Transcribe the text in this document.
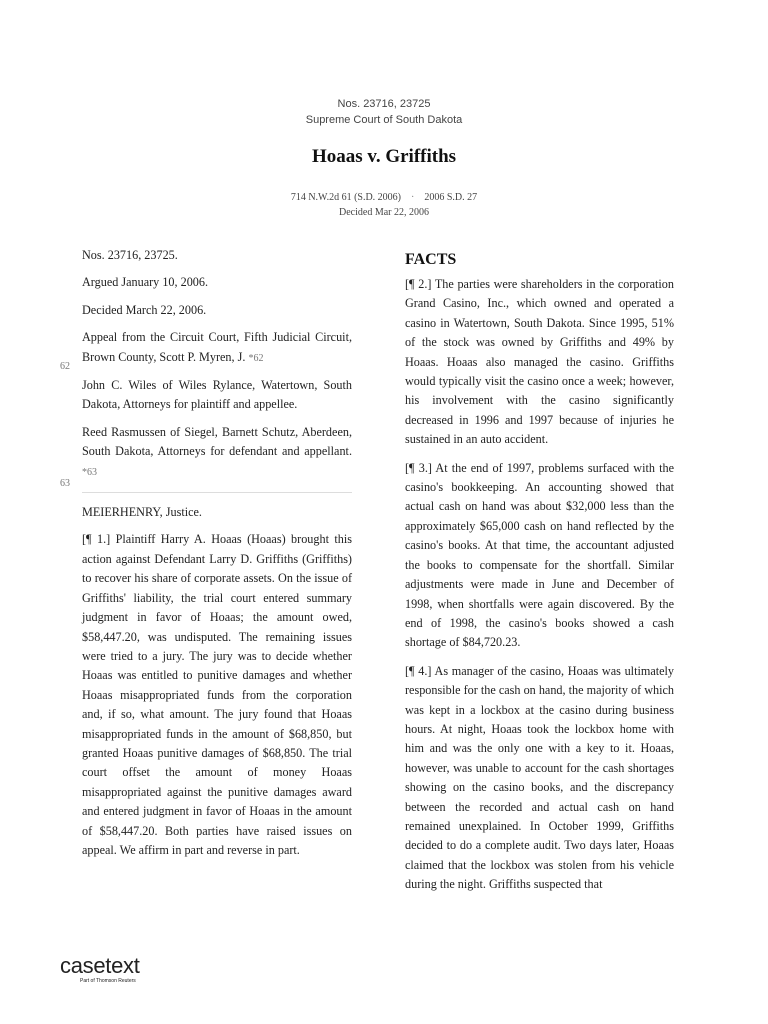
Nos. 23716, 23725
Supreme Court of South Dakota
Hoaas v. Griffiths
714 N.W.2d 61 (S.D. 2006) · 2006 S.D. 27
Decided Mar 22, 2006
62
63

Nos. 23716, 23725.

Argued January 10, 2006.

Decided March 22, 2006.

Appeal from the Circuit Court, Fifth Judicial Circuit, Brown County, Scott P. Myren, J. *62

John C. Wiles of Wiles Rylance, Watertown, South Dakota, Attorneys for plaintiff and appellee.

Reed Rasmussen of Siegel, Barnett Schutz, Aberdeen, South Dakota, Attorneys for defendant and appellant. *63

MEIERHENRY, Justice.

[¶ 1.] Plaintiff Harry A. Hoaas (Hoaas) brought this action against Defendant Larry D. Griffiths (Griffiths) to recover his share of corporate assets. On the issue of Griffiths' liability, the trial court entered summary judgment in favor of Hoaas; the amount owed, $58,447.20, was undisputed. The remaining issues were tried to a jury. The jury was to decide whether Hoaas was entitled to punitive damages and whether Hoaas misappropriated funds from the corporation and, if so, what amount. The jury found that Hoaas misappropriated funds in the amount of $68,850, but granted Hoaas punitive damages of $68,850. The trial court offset the amount of money Hoaas misappropriated against the punitive damages award and entered judgment in favor of Hoaas in the amount of $58,447.20. Both parties have raised issues on appeal. We affirm in part and reverse in part.

FACTS

[¶ 2.] The parties were shareholders in the corporation Grand Casino, Inc., which owned and operated a casino in Watertown, South Dakota. Since 1995, 51% of the stock was owned by Griffiths and 49% by Hoaas. Hoaas also managed the casino. Griffiths would typically visit the casino once a week; however, his involvement with the casino significantly decreased in 1996 and 1997 because of injuries he sustained in an auto accident.

[¶ 3.] At the end of 1997, problems surfaced with the casino's bookkeeping. An accounting showed that actual cash on hand was about $32,000 less than the approximately $65,000 cash on hand reflected by the casino's books. At that time, the accountant adjusted the books to compensate for the shortfall. Similar adjustments were made in June and December of 1998, when shortfalls were again discovered. By the end of 1998, the casino's books showed a cash shortage of $84,720.23.

[¶ 4.] As manager of the casino, Hoaas was ultimately responsible for the cash on hand, the majority of which was kept in a lockbox at the casino during business hours. At night, Hoaas took the lockbox home with him and was the only one with a key to it. Hoaas, however, was unable to account for the cash shortages showing on the casino books, and the discrepancy between the recorded and actual cash on hand remained unexplained. In October 1999, Griffiths decided to do a complete audit. Two days later, Hoaas claimed that the lockbox was stolen from his vehicle during the night. Griffiths suspected that

casetext
Part of Thomson Reuters
